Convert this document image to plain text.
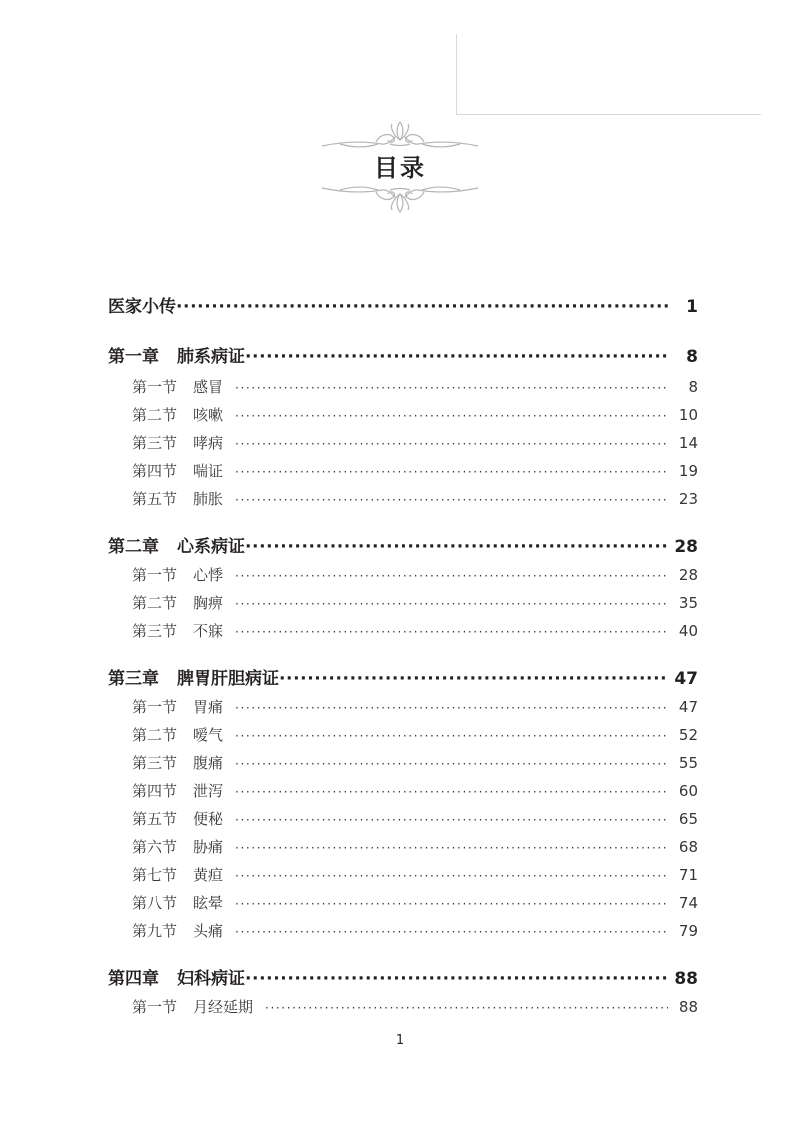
目录
医家小传 ·····	1
第一章 肺系病证 ·····	8
第一节 感冒 ·····	8
第二节 咳嗽 ·····	10
第三节 哮病 ·····	14
第四节 喘证 ·····	19
第五节 肺胀 ·····	23
第二章 心系病证 ·····	28
第一节 心悸 ·····	28
第二节 胸痹 ·····	35
第三节 不寐 ·····	40
第三章 脾胃肝胆病证 ·····	47
第一节 胃痛 ·····	47
第二节 嗳气 ·····	52
第三节 腹痛 ·····	55
第四节 泄泻 ·····	60
第五节 便秘 ·····	65
第六节 胁痛 ·····	68
第七节 黄疸 ·····	71
第八节 眩晕 ·····	74
第九节 头痛 ·····	79
第四章 妇科病证 ·····	88
第一节 月经延期 ·····	88
1
